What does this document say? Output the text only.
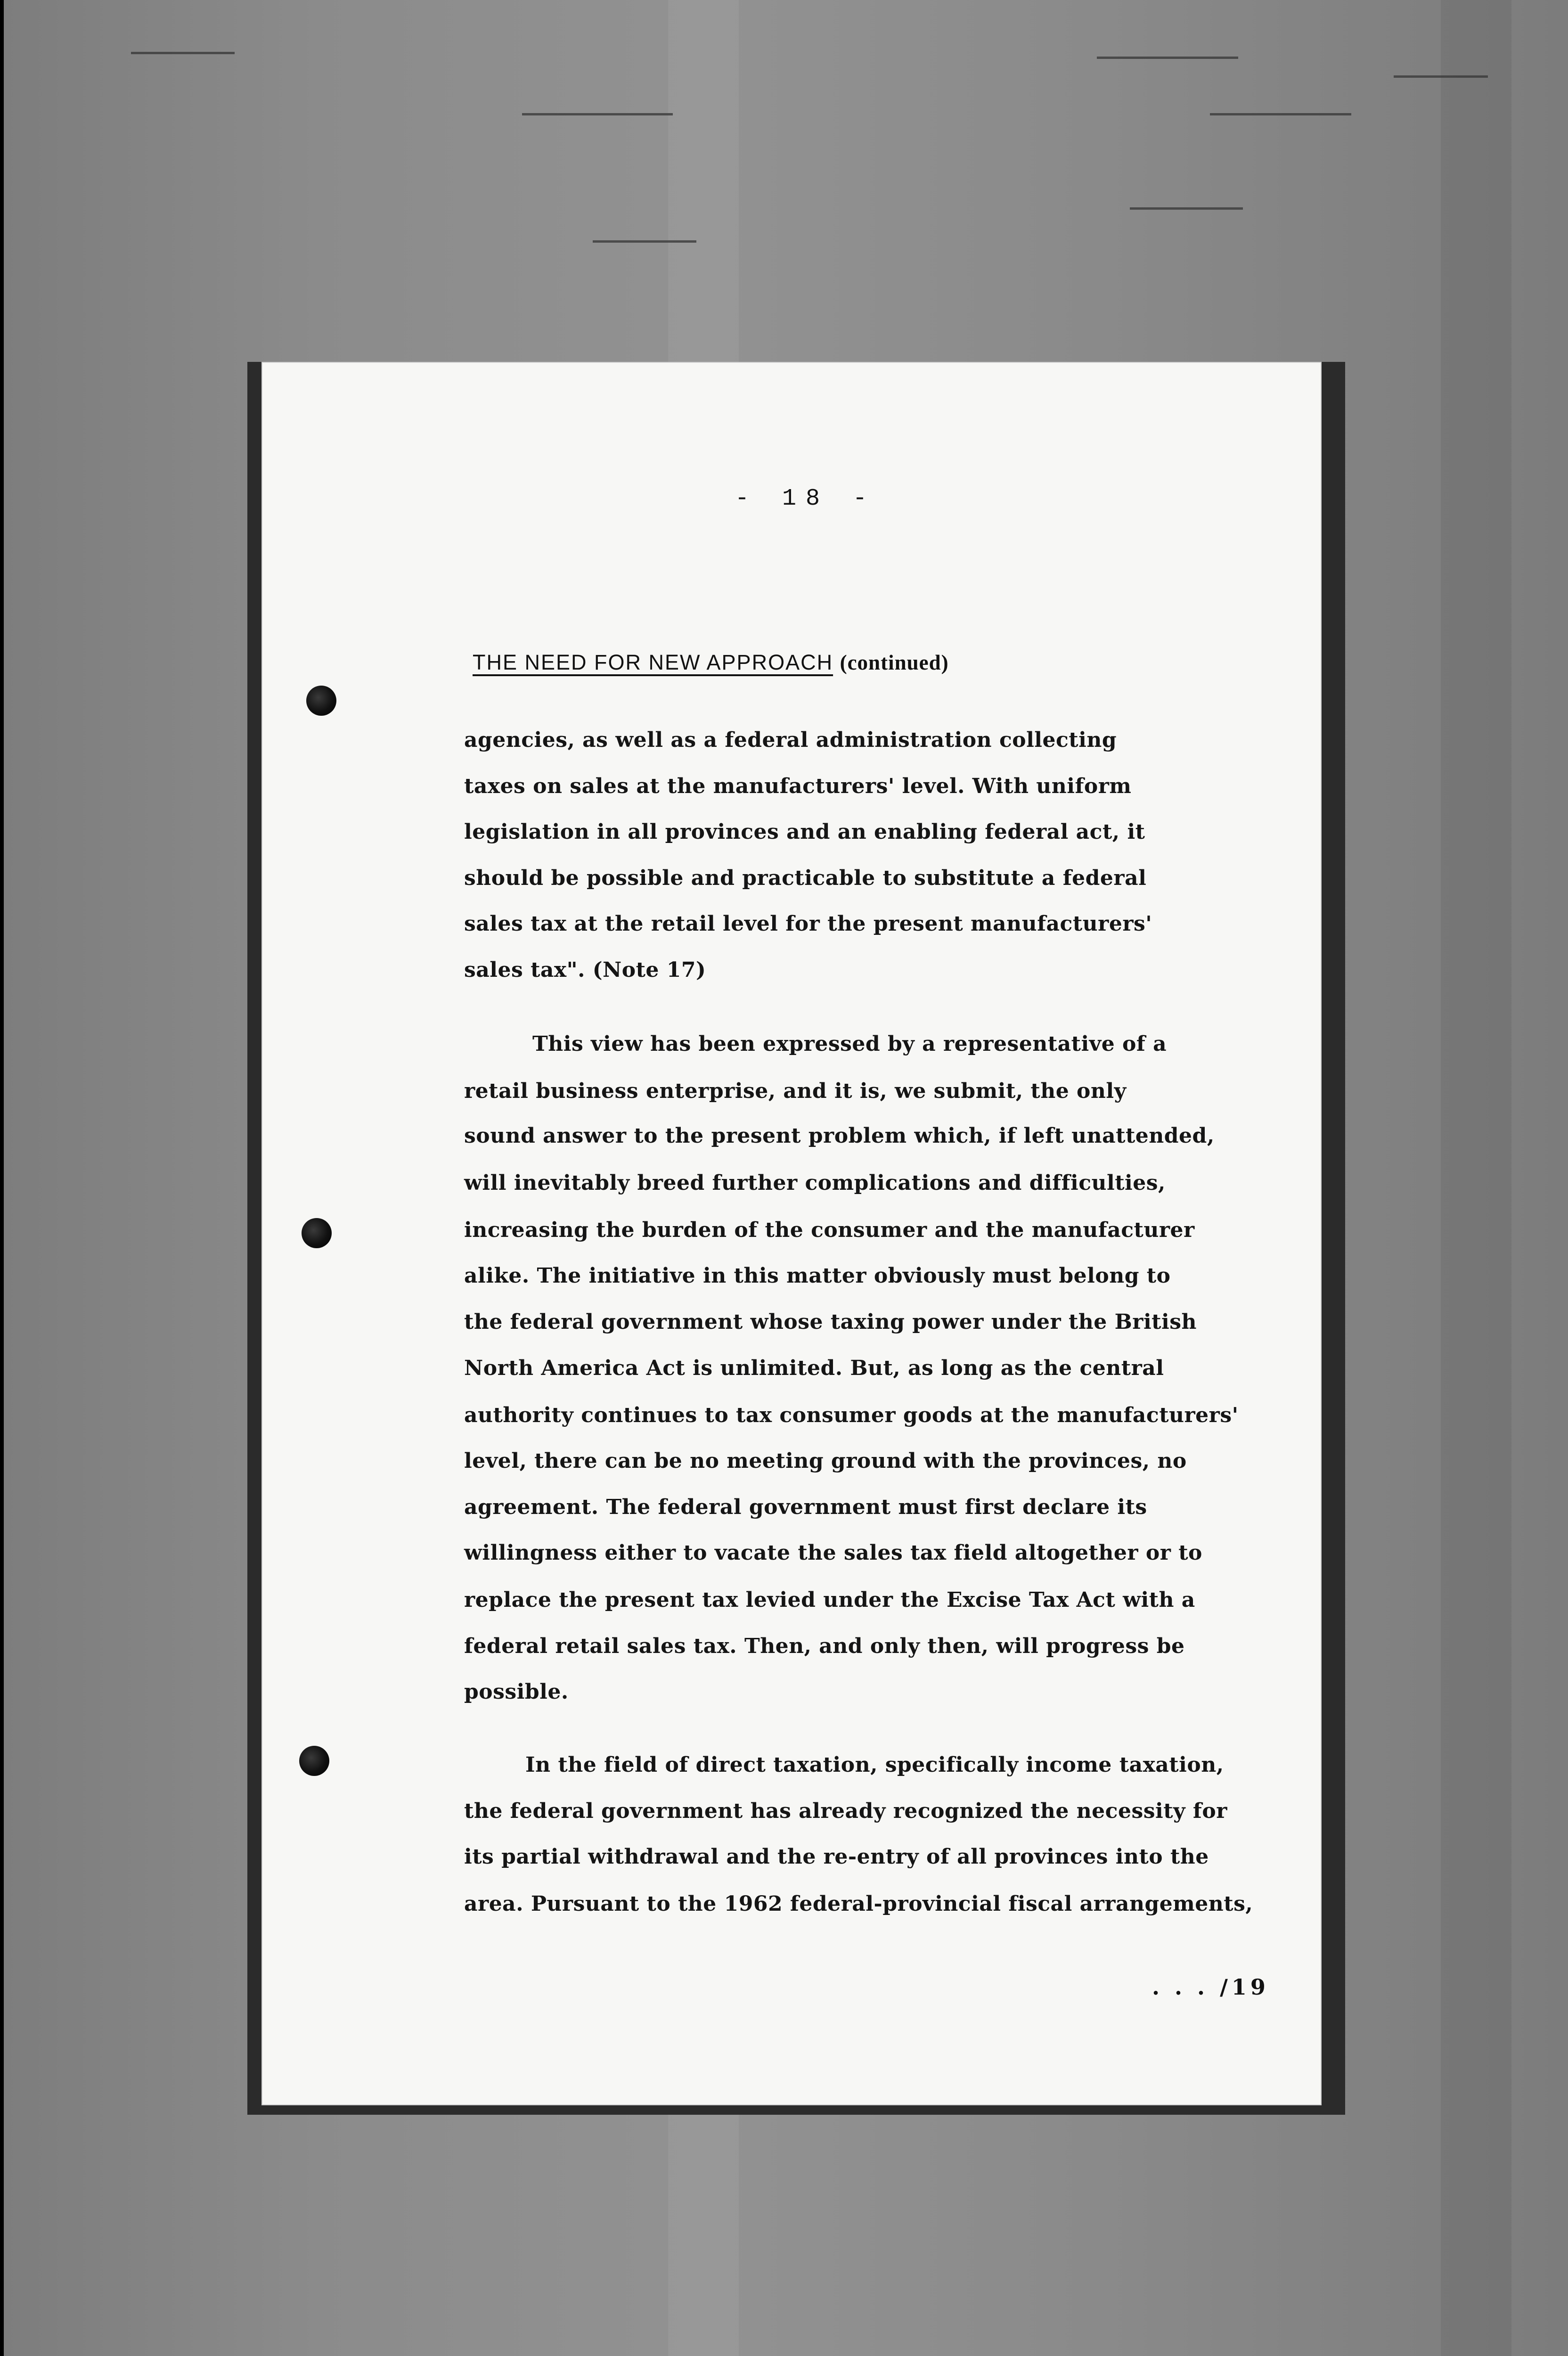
- 18 -
THE NEED FOR NEW APPROACH (continued)
agencies, as well as a federal administration collecting
taxes on sales at the manufacturers' level. With uniform
legislation in all provinces and an enabling federal act, it
should be possible and practicable to substitute a federal
sales tax at the retail level for the present manufacturers'
sales tax". (Note 17)
This view has been expressed by a representative of a
retail business enterprise, and it is, we submit, the only
sound answer to the present problem which, if left unattended,
will inevitably breed further complications and difficulties,
increasing the burden of the consumer and the manufacturer
alike. The initiative in this matter obviously must belong to
the federal government whose taxing power under the British
North America Act is unlimited. But, as long as the central
authority continues to tax consumer goods at the manufacturers'
level, there can be no meeting ground with the provinces, no
agreement. The federal government must first declare its
willingness either to vacate the sales tax field altogether or to
replace the present tax levied under the Excise Tax Act with a
federal retail sales tax. Then, and only then, will progress be
possible.
In the field of direct taxation, specifically income taxation,
the federal government has already recognized the necessity for
its partial withdrawal and the re-entry of all provinces into the
area. Pursuant to the 1962 federal-provincial fiscal arrangements,
. . . /19
